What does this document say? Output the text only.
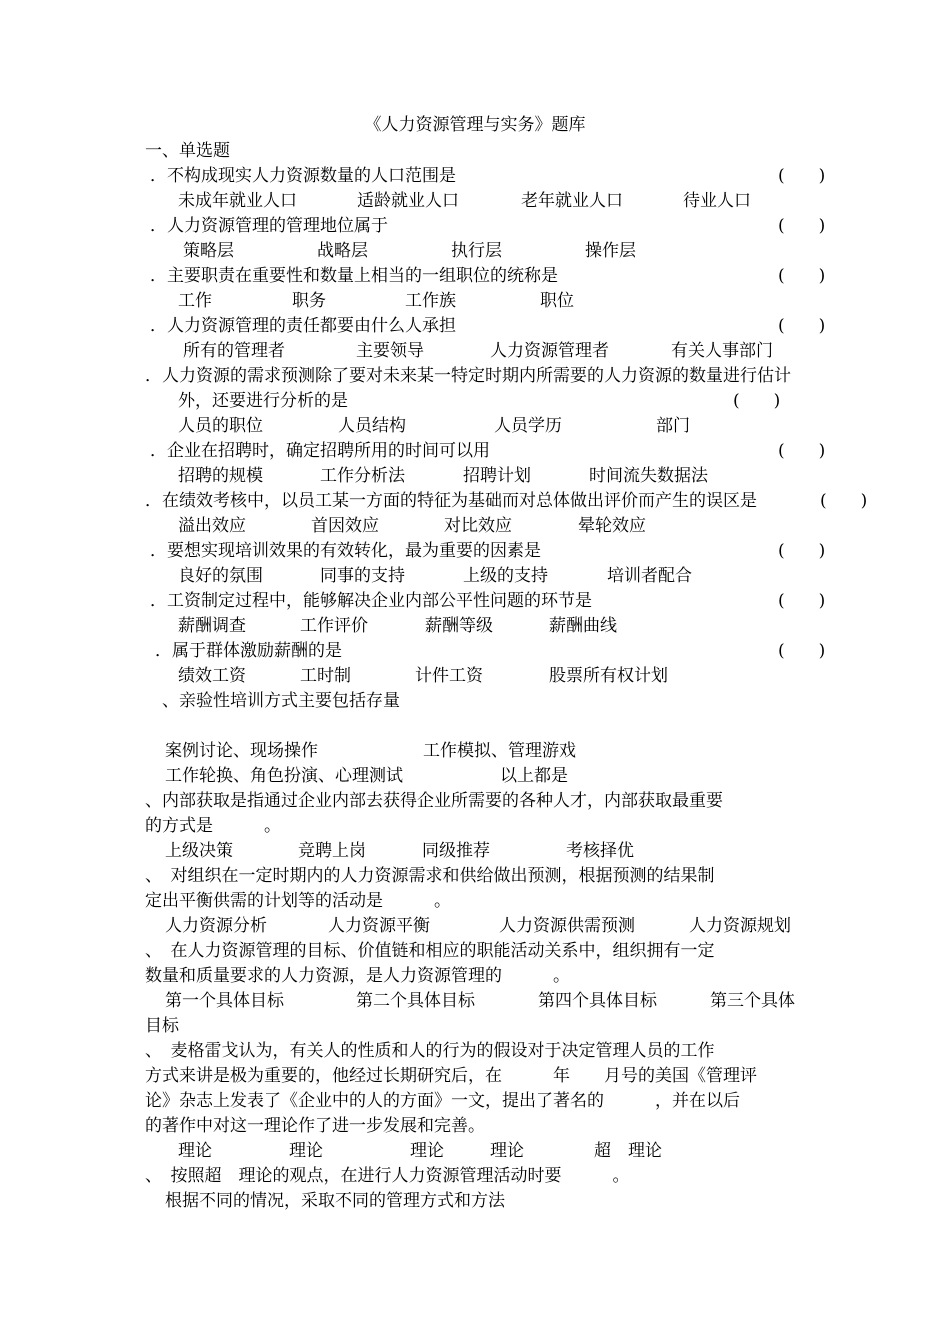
《人力资源管理与实务》题库
一、单选题
．不构成现实人力资源数量的人口范围是	(　　)
未成年就业人口	适龄就业人口	老年就业人口	待业人口
．人力资源管理的管理地位属于	(　　)
策略层	战略层	执行层	操作层
．主要职责在重要性和数量上相当的一组职位的统称是	(　　)
工作	职务	工作族	职位
．人力资源管理的责任都要由什么人承担	(　　)
所有的管理者	主要领导	人力资源管理者	有关人事部门
．人力资源的需求预测除了要对未来某一特定时期内所需要的人力资源的数量进行估计
外，还要进行分析的是	(　　)
人员的职位	人员结构	人员学历	部门
．企业在招聘时，确定招聘所用的时间可以用	(　　)
招聘的规模	工作分析法	招聘计划	时间流失数据法
．在绩效考核中，以员工某一方面的特征为基础而对总体做出评价而产生的误区是	(　　)
溢出效应	首因效应	对比效应	晕轮效应
．要想实现培训效果的有效转化，最为重要的因素是	(　　)
良好的氛围	同事的支持	上级的支持	培训者配合
．工资制定过程中，能够解决企业内部公平性问题的环节是	(　　)
薪酬调查	工作评价	薪酬等级	薪酬曲线
．属于群体激励薪酬的是	(　　)
绩效工资	工时制	计件工资	股票所有权计划
、亲验性培训方式主要包括存量
案例讨论、现场操作	工作模拟、管理游戏
工作轮换、角色扮演、心理测试	以上都是
、内部获取是指通过企业内部去获得企业所需要的各种人才，内部获取最重要
的方式是　　　。
上级决策	竞聘上岗	同级推荐	考核择优
、　对组织在一定时期内的人力资源需求和供给做出预测，根据预测的结果制
定出平衡供需的计划等的活动是　　　。
人力资源分析	人力资源平衡	人力资源供需预测	人力资源规划
、　在人力资源管理的目标、价值链和相应的职能活动关系中，组织拥有一定
数量和质量要求的人力资源，是人力资源管理的　　　。
第一个具体目标	第二个具体目标	第四个具体目标	第三个具体
目标
、　麦格雷戈认为，有关人的性质和人的行为的假设对于决定管理人员的工作
方式来讲是极为重要的，他经过长期研究后，在　　　年　　月号的美国《管理评
论》杂志上发表了《企业中的人的方面》一文，提出了著名的　　　，并在以后
的著作中对这一理论作了进一步发展和完善。
理论	理论	理论	理论	超　理论
、　按照超　理论的观点，在进行人力资源管理活动时要　　　。
根据不同的情况，采取不同的管理方式和方法
